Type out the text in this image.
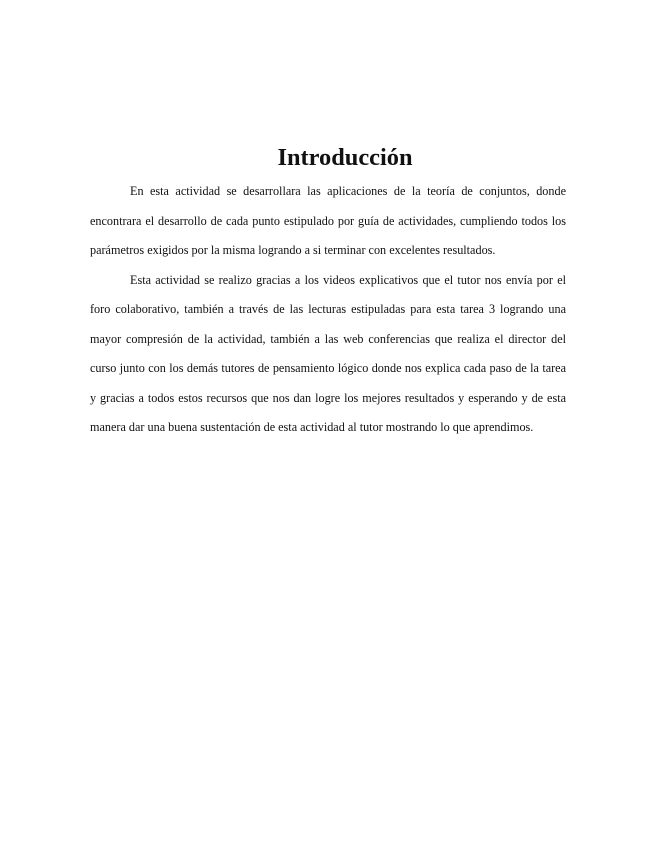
Introducción

En esta actividad se desarrollara las aplicaciones de la teoría de conjuntos, donde encontrara el desarrollo de cada punto estipulado por guía de actividades, cumpliendo todos los parámetros exigidos por la misma logrando a si terminar con excelentes resultados.

Esta actividad se realizo gracias a los videos explicativos que el tutor nos envía por el foro colaborativo, también a través de las lecturas estipuladas para esta tarea 3 logrando una mayor compresión de la actividad, también a las web conferencias que realiza el director del curso junto con los demás tutores de pensamiento lógico donde nos explica cada paso de la tarea y gracias a todos estos recursos que nos dan logre los mejores resultados y esperando y de esta manera dar una buena sustentación de esta actividad al tutor mostrando lo que aprendimos.
